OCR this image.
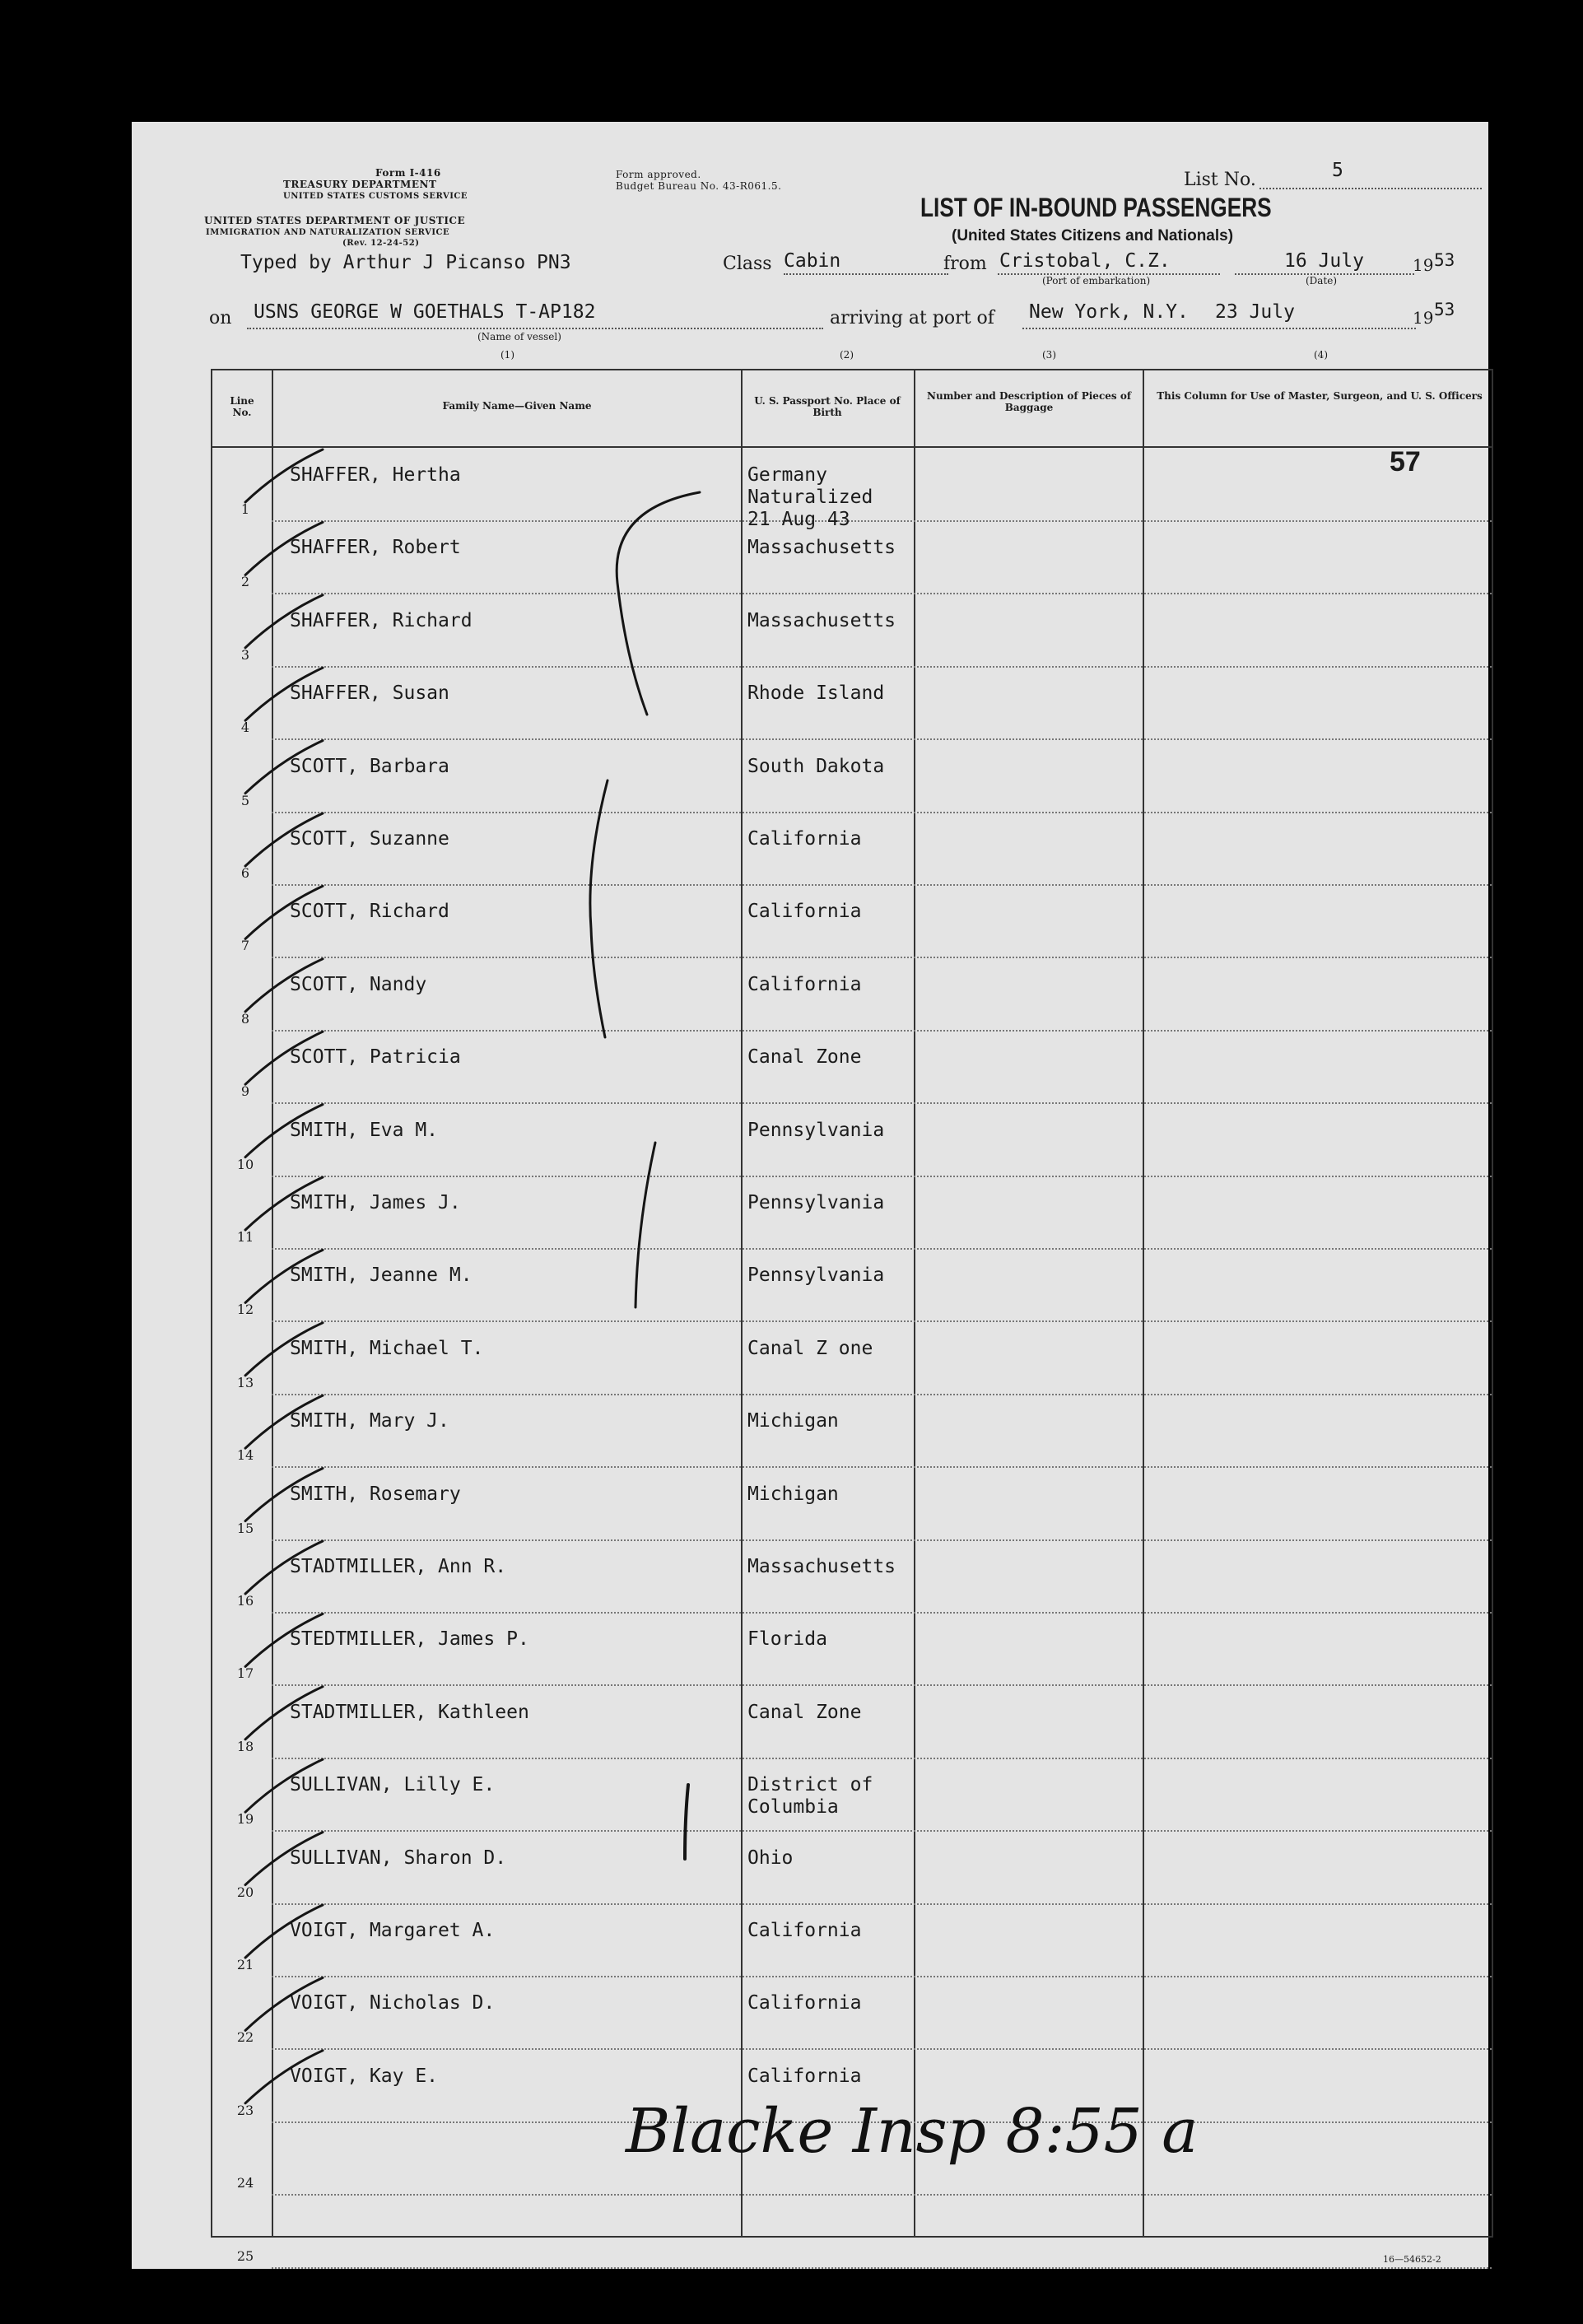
Form I-416
TREASURY DEPARTMENT
UNITED STATES CUSTOMS SERVICE
UNITED STATES DEPARTMENT OF JUSTICE
IMMIGRATION AND NATURALIZATION SERVICE
(Rev. 12-24-52)
Form approved.
Budget Bureau No. 43-R061.5.
LIST OF IN-BOUND PASSENGERS
(United States Citizens and Nationals)
List No.	5
Typed by Arthur J Picanso PN3	Class Cabin	from Cristobal, C.Z.
(Port of embarkation)
16 July
(Date)
19 53
on USNS GEORGE W GOETHALS T-AP182
(Name of vessel)
arriving at port of New York, N.Y. 23 July	19 53
(1)	(2)	(3)	(4)
Line No.
Family Name—Given Name	U. S. Passport No. Place of Birth
Number and Description of Pieces of Baggage
This Column for Use of Master, Surgeon, and U. S. Officers
1
SHAFFER, Hertha	Germany
Naturalized
21 Aug 43
2
SHAFFER, Robert	Massachusetts
3
SHAFFER, Richard	Massachusetts
4
SHAFFER, Susan	Rhode Island
5
SCOTT, Barbara	South Dakota
6
SCOTT, Suzanne	California
7
SCOTT, Richard	California
8
SCOTT, Nandy	California
9
SCOTT, Patricia	Canal Zone
10
SMITH, Eva M.	Pennsylvania
11
SMITH, James J.	Pennsylvania
12
SMITH, Jeanne M.	Pennsylvania
13
SMITH, Michael T.	Canal Z one
14
SMITH, Mary J.	Michigan
15
SMITH, Rosemary	Michigan
16
STADTMILLER, Ann R.	Massachusetts
17
STEDTMILLER, James P.	Florida
18
STADTMILLER, Kathleen	Canal Zone
19
SULLIVAN, Lilly E.	District of
Columbia
20
SULLIVAN, Sharon D.	Ohio
21
VOIGT, Margaret A.	California
22
VOIGT, Nicholas D.	California
23
VOIGT, Kay E.	California
24
25
57
Blacke Insp 8:55 a
16—54652-2
